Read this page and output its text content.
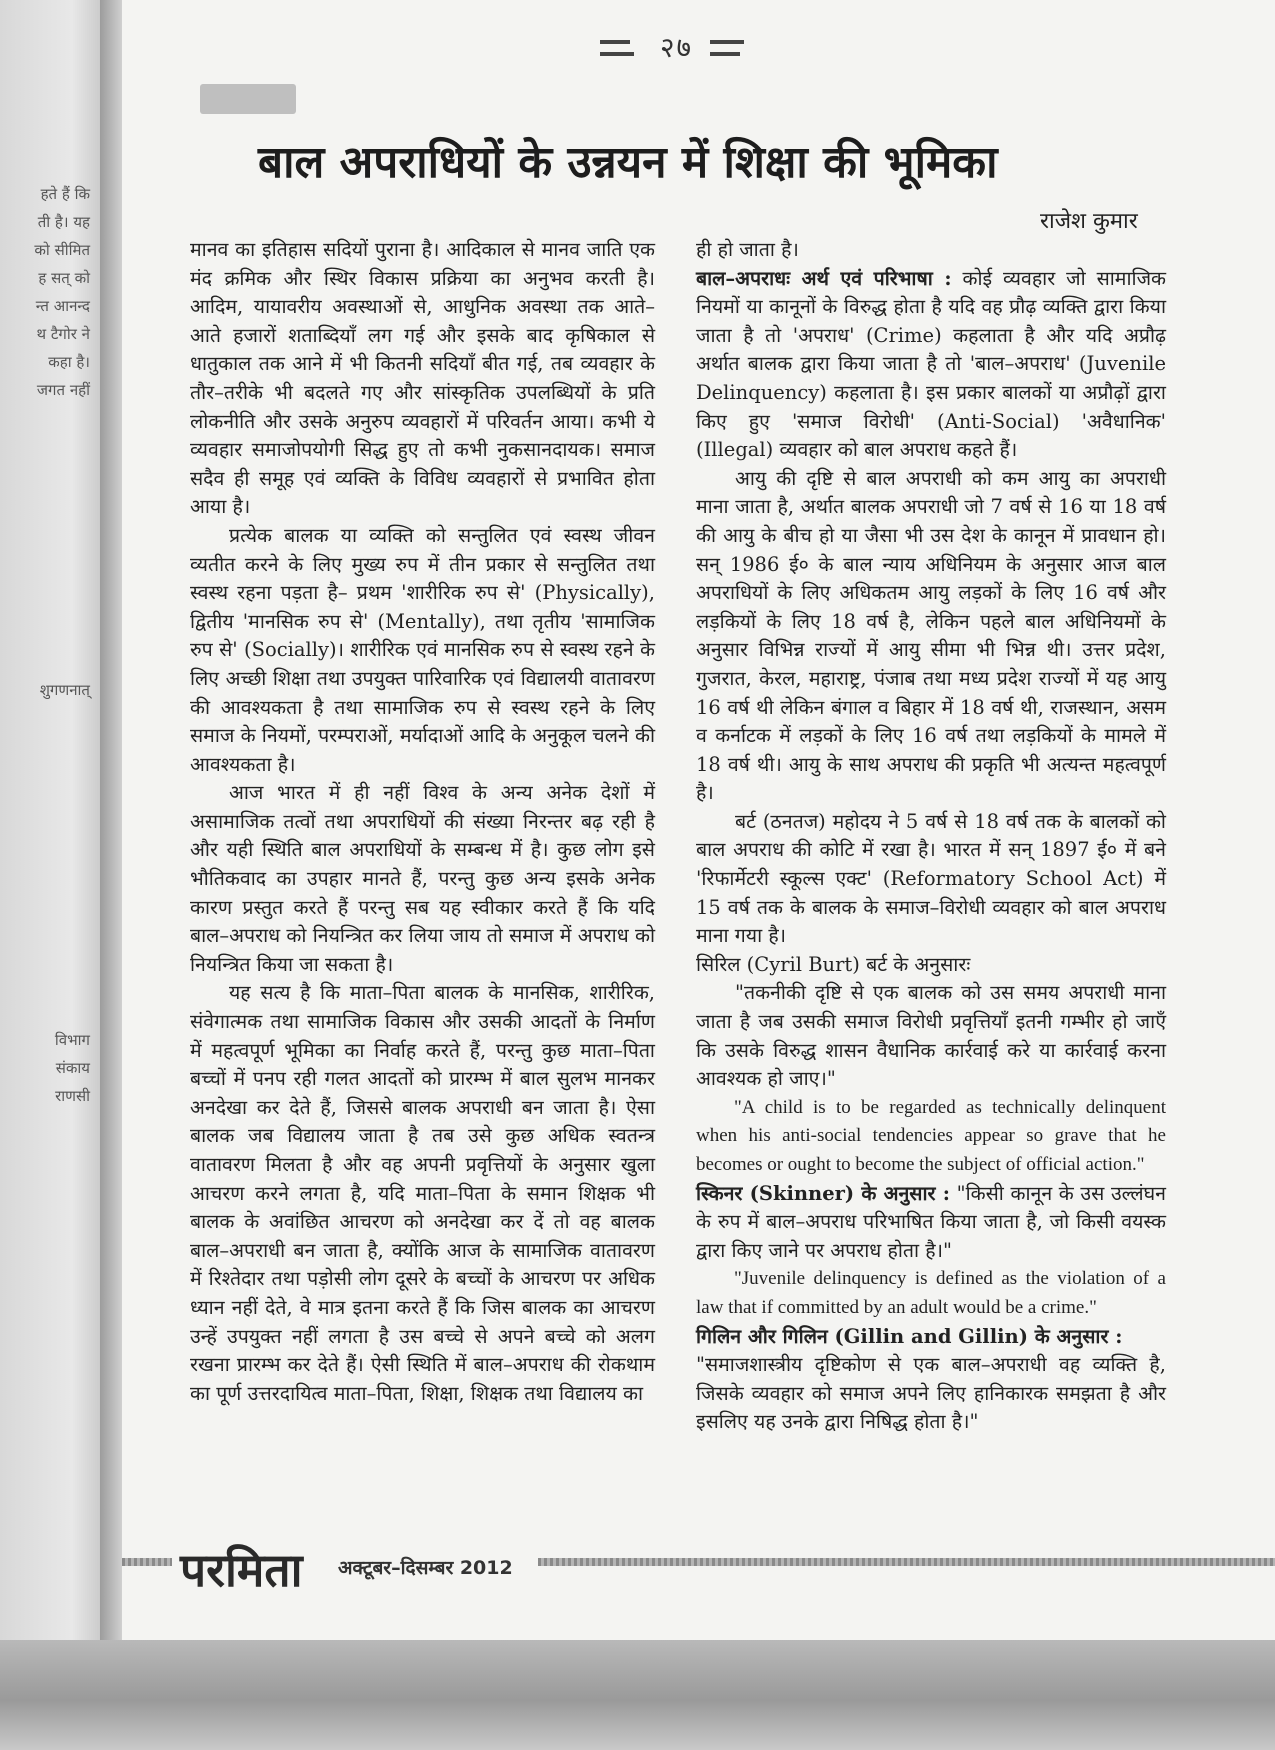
हते हैं कि
ती है। यह
को सीमित
ह सत् को
न्त आनन्द
थ टैगोर ने
कहा है।
जगत नहीं
शुगणनात्
विभाग
संकाय
राणसी
२७
बाल अपराधियों के उन्नयन में शिक्षा की भूमिका
राजेश कुमार

मानव का इतिहास सदियों पुराना है। आदिकाल से मानव जाति एक मंद क्रमिक और स्थिर विकास प्रक्रिया का अनुभव करती है। आदिम, यायावरीय अवस्थाओं से, आधुनिक अवस्था तक आते–आते हजारों शताब्दियाँ लग गई और इसके बाद कृषिकाल से धातुकाल तक आने में भी कितनी सदियाँ बीत गई, तब व्यवहार के तौर–तरीके भी बदलते गए और सांस्कृतिक उपलब्धियों के प्रति लोकनीति और उसके अनुरुप व्यवहारों में परिवर्तन आया। कभी ये व्यवहार समाजोपयोगी सिद्ध हुए तो कभी नुकसानदायक। समाज सदैव ही समूह एवं व्यक्ति के विविध व्यवहारों से प्रभावित होता आया है।

प्रत्येक बालक या व्यक्ति को सन्तुलित एवं स्वस्थ जीवन व्यतीत करने के लिए मुख्य रुप में तीन प्रकार से सन्तुलित तथा स्वस्थ रहना पड़ता है– प्रथम 'शारीरिक रुप से' (Physically), द्वितीय 'मानसिक रुप से' (Mentally), तथा तृतीय 'सामाजिक रुप से' (Socially)। शारीरिक एवं मानसिक रुप से स्वस्थ रहने के लिए अच्छी शिक्षा तथा उपयुक्त पारिवारिक एवं विद्यालयी वातावरण की आवश्यकता है तथा सामाजिक रुप से स्वस्थ रहने के लिए समाज के नियमों, परम्पराओं, मर्यादाओं आदि के अनुकूल चलने की आवश्यकता है।

आज भारत में ही नहीं विश्व के अन्य अनेक देशों में असामाजिक तत्वों तथा अपराधियों की संख्या निरन्तर बढ़ रही है और यही स्थिति बाल अपराधियों के सम्बन्ध में है। कुछ लोग इसे भौतिकवाद का उपहार मानते हैं, परन्तु कुछ अन्य इसके अनेक कारण प्रस्तुत करते हैं परन्तु सब यह स्वीकार करते हैं कि यदि बाल–अपराध को नियन्त्रित कर लिया जाय तो समाज में अपराध को नियन्त्रित किया जा सकता है।

यह सत्य है कि माता–पिता बालक के मानसिक, शारीरिक, संवेगात्मक तथा सामाजिक विकास और उसकी आदतों के निर्माण में महत्वपूर्ण भूमिका का निर्वाह करते हैं, परन्तु कुछ माता–पिता बच्चों में पनप रही गलत आदतों को प्रारम्भ में बाल सुलभ मानकर अनदेखा कर देते हैं, जिससे बालक अपराधी बन जाता है। ऐसा बालक जब विद्यालय जाता है तब उसे कुछ अधिक स्वतन्त्र वातावरण मिलता है और वह अपनी प्रवृत्तियों के अनुसार खुला आचरण करने लगता है, यदि माता–पिता के समान शिक्षक भी बालक के अवांछित आचरण को अनदेखा कर दें तो वह बालक बाल–अपराधी बन जाता है, क्योंकि आज के सामाजिक वातावरण में रिश्तेदार तथा पड़ोसी लोग दूसरे के बच्चों के आचरण पर अधिक ध्यान नहीं देते, वे मात्र इतना करते हैं कि जिस बालक का आचरण उन्हें उपयुक्त नहीं लगता है उस बच्चे से अपने बच्चे को अलग रखना प्रारम्भ कर देते हैं। ऐसी स्थिति में बाल–अपराध की रोकथाम का पूर्ण उत्तरदायित्व माता–पिता, शिक्षा, शिक्षक तथा विद्यालय का

ही हो जाता है।

बाल–अपराधः अर्थ एवं परिभाषा : कोई व्यवहार जो सामाजिक नियमों या कानूनों के विरुद्ध होता है यदि वह प्रौढ़ व्यक्ति द्वारा किया जाता है तो 'अपराध' (Crime) कहलाता है और यदि अप्रौढ़ अर्थात बालक द्वारा किया जाता है तो 'बाल–अपराध' (Juvenile Delinquency) कहलाता है। इस प्रकार बालकों या अप्रौढ़ों द्वारा किए हुए 'समाज विरोधी' (Anti-Social) 'अवैधानिक' (Illegal) व्यवहार को बाल अपराध कहते हैं।

आयु की दृष्टि से बाल अपराधी को कम आयु का अपराधी माना जाता है, अर्थात बालक अपराधी जो 7 वर्ष से 16 या 18 वर्ष की आयु के बीच हो या जैसा भी उस देश के कानून में प्रावधान हो। सन् 1986 ई० के बाल न्याय अधिनियम के अनुसार आज बाल अपराधियों के लिए अधिकतम आयु लड़कों के लिए 16 वर्ष और लड़कियों के लिए 18 वर्ष है, लेकिन पहले बाल अधिनियमों के अनुसार विभिन्न राज्यों में आयु सीमा भी भिन्न थी। उत्तर प्रदेश, गुजरात, केरल, महाराष्ट्र, पंजाब तथा मध्य प्रदेश राज्यों में यह आयु 16 वर्ष थी लेकिन बंगाल व बिहार में 18 वर्ष थी, राजस्थान, असम व कर्नाटक में लड़कों के लिए 16 वर्ष तथा लड़कियों के मामले में 18 वर्ष थी। आयु के साथ अपराध की प्रकृति भी अत्यन्त महत्वपूर्ण है।

बर्ट (ठनतज) महोदय ने 5 वर्ष से 18 वर्ष तक के बालकों को बाल अपराध की कोटि में रखा है। भारत में सन् 1897 ई० में बने 'रिफार्मेटरी स्कूल्स एक्ट' (Reformatory School Act) में 15 वर्ष तक के बालक के समाज–विरोधी व्यवहार को बाल अपराध माना गया है।

सिरिल (Cyril Burt) बर्ट के अनुसारः

"तकनीकी दृष्टि से एक बालक को उस समय अपराधी माना जाता है जब उसकी समाज विरोधी प्रवृत्तियाँ इतनी गम्भीर हो जाएँ कि उसके विरुद्ध शासन वैधानिक कार्रवाई करे या कार्रवाई करना आवश्यक हो जाए।"

"A child is to be regarded as technically delinquent when his anti-social tendencies appear so grave that he becomes or ought to become the subject of official action."

स्किनर (Skinner) के अनुसार : "किसी कानून के उस उल्लंघन के रुप में बाल–अपराध परिभाषित किया जाता है, जो किसी वयस्क द्वारा किए जाने पर अपराध होता है।"

"Juvenile delinquency is defined as the violation of a law that if committed by an adult would be a crime."

गिलिन और गिलिन (Gillin and Gillin) के अनुसार :

"समाजशास्त्रीय दृष्टिकोण से एक बाल–अपराधी वह व्यक्ति है, जिसके व्यवहार को समाज अपने लिए हानिकारक समझता है और इसलिए यह उनके द्वारा निषिद्ध होता है।"

परमिता अक्टूबर–दिसम्बर 2012
